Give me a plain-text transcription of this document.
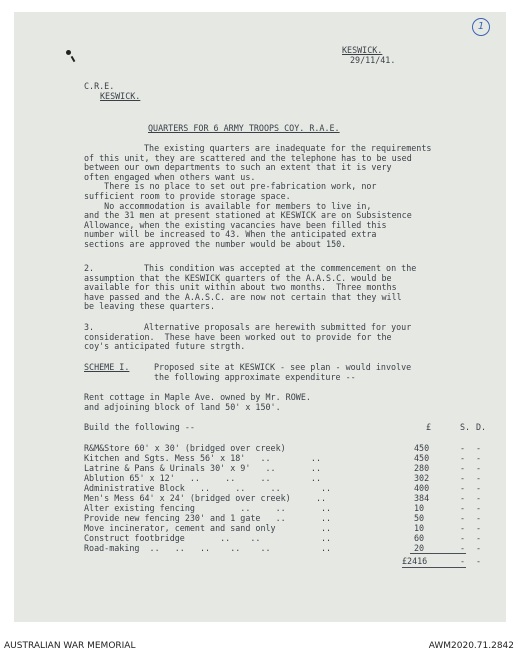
1
KESWICK.
29/11/41.
C.R.E.
KESWICK.
QUARTERS FOR 6 ARMY TROOPS COY. R.A.E.
The existing quarters are inadequate for the requirements
of this unit, they are scattered and the telephone has to be used
between our own departments to such an extent that it is very
often engaged when others want us.
There is no place to set out pre-fabrication work, nor
sufficient room to provide storage space.
No accommodation is available for members to live in,
and the 31 men at present stationed at KESWICK are on Subsistence
Allowance, when the existing vacancies have been filled this
number will be increased to 43. When the anticipated extra
sections are approved the number would be about 150.
2.	This condition was accepted at the commencement on the
assumption that the KESWICK quarters of the A.A.S.C. would be
available for this unit within about two months.  Three months
have passed and the A.A.S.C. are now not certain that they will
be leaving these quarters.
3.	Alternative proposals are herewith submitted for your
consideration.  These have been worked out to provide for the
coy's anticipated future strgth.
SCHEME I.	Proposed site at KESWICK - see plan - would involve
the following approximate expenditure --
Rent cottage in Maple Ave. owned by Mr. ROWE.
and adjoining block of land 50' x 150'.
Build the following --	£	S. D.
R&M&Store 60' x 30' (bridged over creek)	450	- -
Kitchen and Sgts. Mess 56' x 18'   ..        ..	450	- -
Latrine & Pans & Urinals 30' x 9'   ..       ..	280	- -
Ablution 65' x 12'   ..     ..     ..        ..	302	- -
Administrative Block   ..     ..     ..        ..	400	- -
Men's Mess 64' x 24' (bridged over creek)     ..	384	- -
Alter existing fencing         ..     ..       ..	10	- -
Provide new fencing 230' and 1 gate   ..       ..	50	- -
Move incinerator, cement and sand only         ..	10	- -
Construct footbridge       ..    ..            ..	60	- -
Road-making  ..   ..   ..    ..    ..          ..	20	- -
£2416	- -
AUSTRALIAN WAR MEMORIAL	AWM2020.71.2842
